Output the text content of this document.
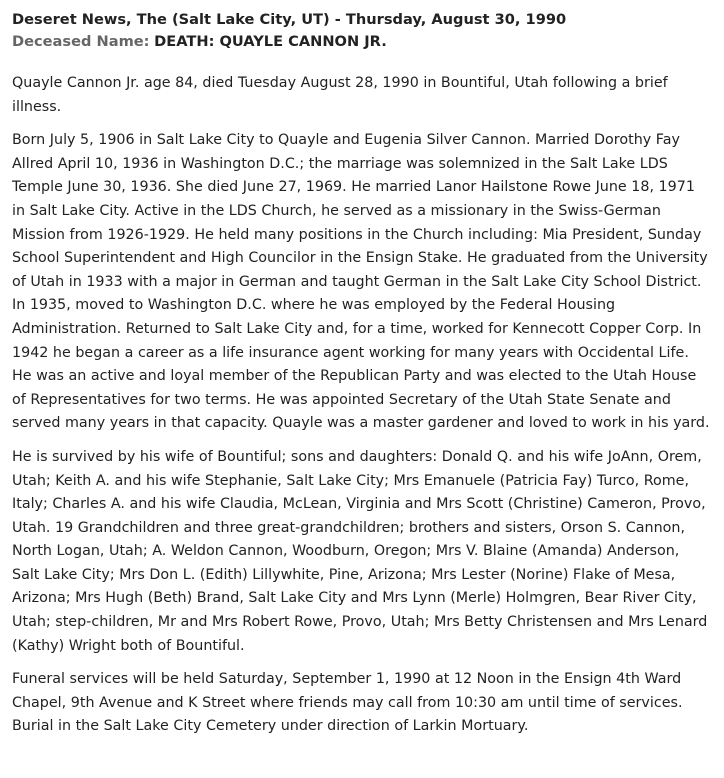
Deseret News, The (Salt Lake City, UT) - Thursday, August 30, 1990
Deceased Name: DEATH: QUAYLE CANNON JR.

Quayle Cannon Jr. age 84, died Tuesday August 28, 1990 in Bountiful, Utah following a brief illness.

Born July 5, 1906 in Salt Lake City to Quayle and Eugenia Silver Cannon. Married Dorothy Fay Allred April 10, 1936 in Washington D.C.; the marriage was solemnized in the Salt Lake LDS Temple June 30, 1936. She died June 27, 1969. He married Lanor Hailstone Rowe June 18, 1971 in Salt Lake City. Active in the LDS Church, he served as a missionary in the Swiss-German Mission from 1926-1929. He held many positions in the Church including: Mia President, Sunday School Superintendent and High Councilor in the Ensign Stake. He graduated from the University of Utah in 1933 with a major in German and taught German in the Salt Lake City School District. In 1935, moved to Washington D.C. where he was employed by the Federal Housing Administration. Returned to Salt Lake City and, for a time, worked for Kennecott Copper Corp. In 1942 he began a career as a life insurance agent working for many years with Occidental Life. He was an active and loyal member of the Republican Party and was elected to the Utah House of Representatives for two terms. He was appointed Secretary of the Utah State Senate and served many years in that capacity. Quayle was a master gardener and loved to work in his yard.

He is survived by his wife of Bountiful; sons and daughters: Donald Q. and his wife JoAnn, Orem, Utah; Keith A. and his wife Stephanie, Salt Lake City; Mrs Emanuele (Patricia Fay) Turco, Rome, Italy; Charles A. and his wife Claudia, McLean, Virginia and Mrs Scott (Christine) Cameron, Provo, Utah. 19 Grandchildren and three great-grandchildren; brothers and sisters, Orson S. Cannon, North Logan, Utah; A. Weldon Cannon, Woodburn, Oregon; Mrs V. Blaine (Amanda) Anderson, Salt Lake City; Mrs Don L. (Edith) Lillywhite, Pine, Arizona; Mrs Lester (Norine) Flake of Mesa, Arizona; Mrs Hugh (Beth) Brand, Salt Lake City and Mrs Lynn (Merle) Holmgren, Bear River City, Utah; step-children, Mr and Mrs Robert Rowe, Provo, Utah; Mrs Betty Christensen and Mrs Lenard (Kathy) Wright both of Bountiful.

Funeral services will be held Saturday, September 1, 1990 at 12 Noon in the Ensign 4th Ward Chapel, 9th Avenue and K Street where friends may call from 10:30 am until time of services. Burial in the Salt Lake City Cemetery under direction of Larkin Mortuary.
